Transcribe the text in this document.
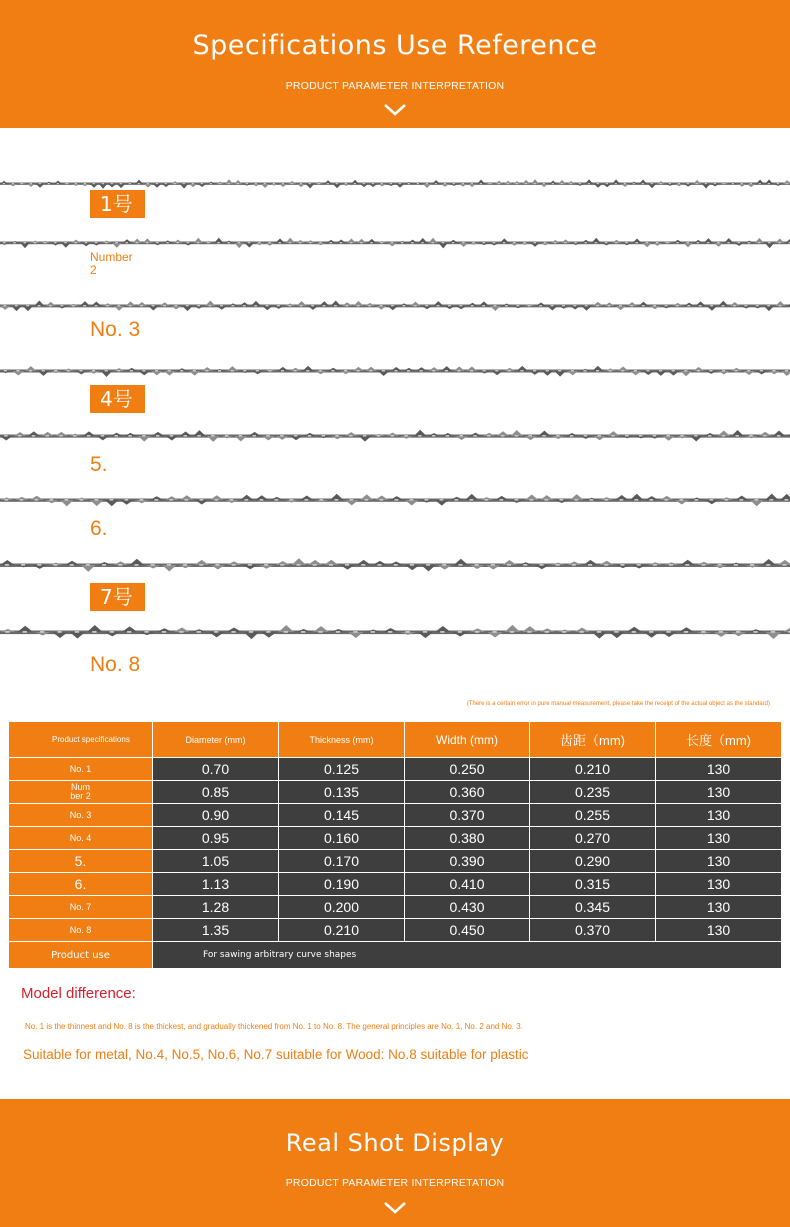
Specifications Use Reference
PRODUCT PARAMETER INTERPRETATION
1号
Number
2
No. 3
4号
5.
6.
7号
No. 8
(There is a certain error in pure manual measurement, please take the receipt of the actual object as the standard)
Product specifications	Diameter (mm)	Thickness (mm)	Width (mm)	齿距（mm)	长度（mm)
No. 1	0.70	0.125	0.250	0.210	130
Num ber 2	0.85	0.135	0.360	0.235	130
No. 3	0.90	0.145	0.370	0.255	130
No. 4	0.95	0.160	0.380	0.270	130
5.	1.05	0.170	0.390	0.290	130
6.	1.13	0.190	0.410	0.315	130
No. 7	1.28	0.200	0.430	0.345	130
No. 8	1.35	0.210	0.450	0.370	130
Product use	For sawing arbitrary curve shapes				
Model difference:
No. 1 is the thinnest and No. 8 is the thickest, and gradually thickened from No. 1 to No. 8. The general principles are No. 1, No. 2 and No. 3.
Suitable for metal, No.4, No.5, No.6, No.7 suitable for Wood: No.8 suitable for plastic
Real Shot Display
PRODUCT PARAMETER INTERPRETATION
